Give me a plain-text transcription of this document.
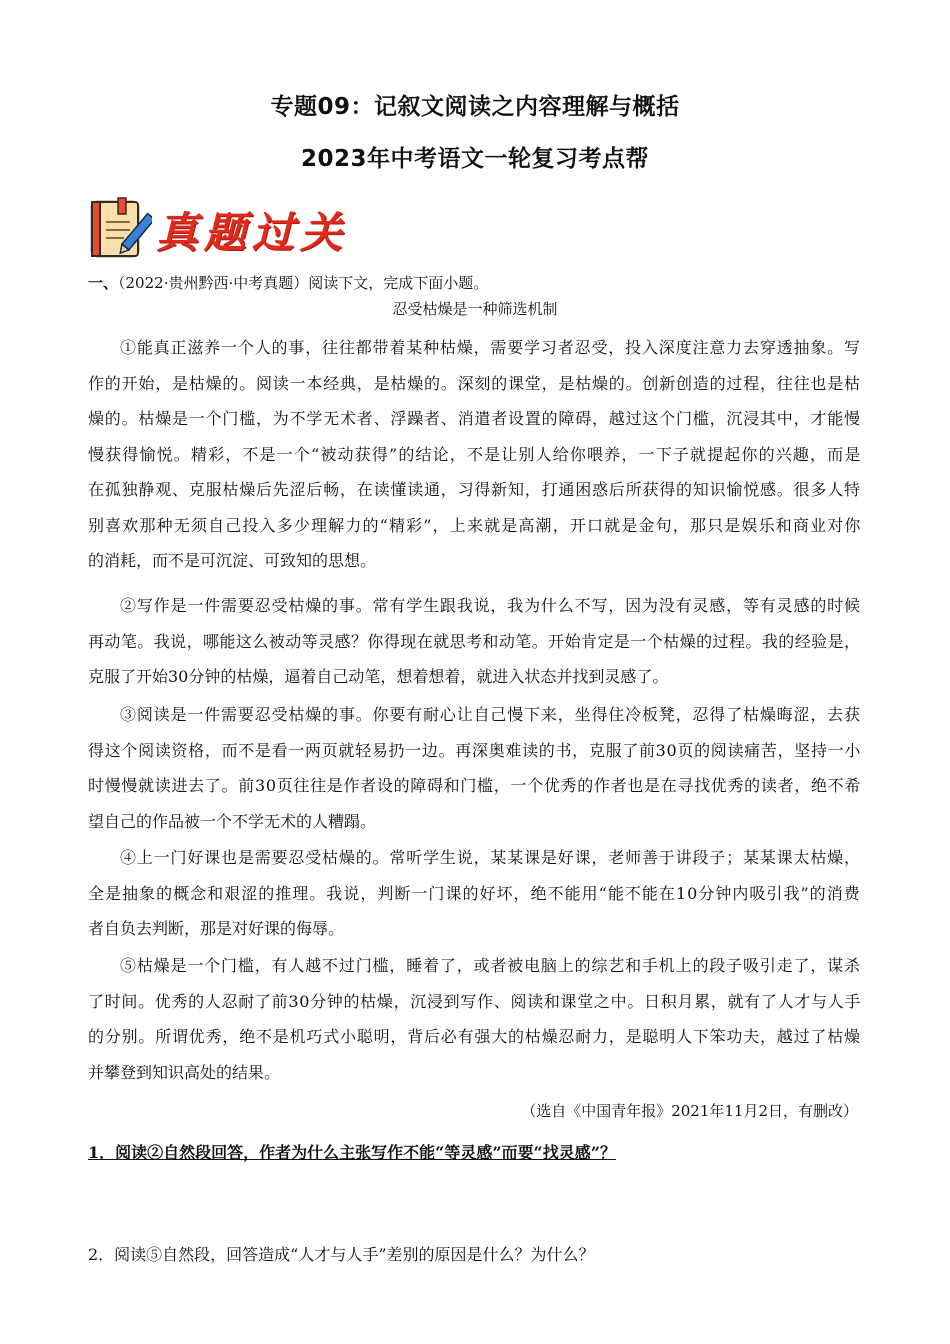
专题09：记叙文阅读之内容理解与概括
2023年中考语文一轮复习考点帮
真题过关
一、（2022·贵州黔西·中考真题）阅读下文，完成下面小题。
忍受枯燥是一种筛选机制
①能真正滋养一个人的事，往往都带着某种枯燥，需要学习者忍受，投入深度注意力去穿透抽象。写
作的开始，是枯燥的。阅读一本经典，是枯燥的。深刻的课堂，是枯燥的。创新创造的过程，往往也是枯
燥的。枯燥是一个门槛，为不学无术者、浮躁者、消遣者设置的障碍，越过这个门槛，沉浸其中，才能慢
慢获得愉悦。精彩，不是一个“被动获得”的结论，不是让别人给你喂养，一下子就提起你的兴趣，而是
在孤独静观、克服枯燥后先涩后畅，在读懂读通，习得新知，打通困惑后所获得的知识愉悦感。很多人特
别喜欢那种无须自己投入多少理解力的“精彩”，上来就是高潮，开口就是金句，那只是娱乐和商业对你
的消耗，而不是可沉淀、可致知的思想。
②写作是一件需要忍受枯燥的事。常有学生跟我说，我为什么不写，因为没有灵感，等有灵感的时候
再动笔。我说，哪能这么被动等灵感？你得现在就思考和动笔。开始肯定是一个枯燥的过程。我的经验是，
克服了开始30分钟的枯燥，逼着自己动笔，想着想着，就进入状态并找到灵感了。
③阅读是一件需要忍受枯燥的事。你要有耐心让自己慢下来，坐得住冷板凳，忍得了枯燥晦涩，去获
得这个阅读资格，而不是看一两页就轻易扔一边。再深奥难读的书，克服了前30页的阅读痛苦，坚持一小
时慢慢就读进去了。前30页往往是作者设的障碍和门槛，一个优秀的作者也是在寻找优秀的读者，绝不希
望自己的作品被一个不学无术的人糟蹋。
④上一门好课也是需要忍受枯燥的。常听学生说，某某课是好课，老师善于讲段子；某某课太枯燥，
全是抽象的概念和艰涩的推理。我说，判断一门课的好坏，绝不能用“能不能在10分钟内吸引我”的消费
者自负去判断，那是对好课的侮辱。
⑤枯燥是一个门槛，有人越不过门槛，睡着了，或者被电脑上的综艺和手机上的段子吸引走了，谋杀
了时间。优秀的人忍耐了前30分钟的枯燥，沉浸到写作、阅读和课堂之中。日积月累，就有了人才与人手
的分别。所谓优秀，绝不是机巧式小聪明，背后必有强大的枯燥忍耐力，是聪明人下笨功夫，越过了枯燥
并攀登到知识高处的结果。
（选自《中国青年报》2021年11月2日，有删改）
1．阅读②自然段回答，作者为什么主张写作不能“等灵感”而要“找灵感”？
2．阅读⑤自然段，回答造成“人才与人手”差别的原因是什么？为什么？
